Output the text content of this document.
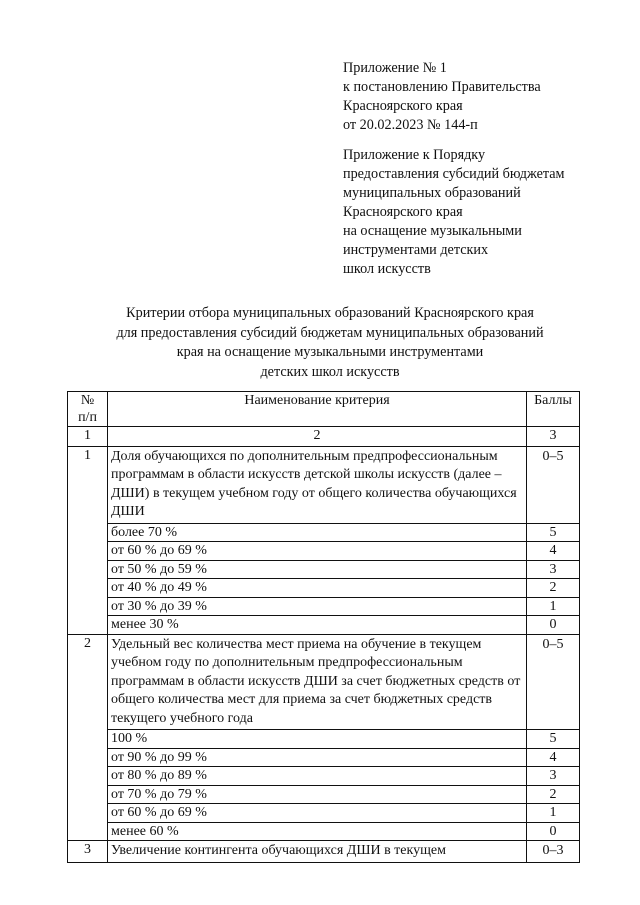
Приложение № 1
к постановлению Правительства
Красноярского края
от 20.02.2023 № 144-п
Приложение к Порядку
предоставления субсидий бюджетам
муниципальных образований
Красноярского края
на оснащение музыкальными
инструментами детских
школ искусств
Критерии отбора муниципальных образований Красноярского края
для предоставления субсидий бюджетам муниципальных образований
края на оснащение музыкальными инструментами
детских школ искусств
№
п/п	Наименование критерия	Баллы
1	2	3
1	Доля обучающихся по дополнительным предпрофессиональным программам в области искусств детской школы искусств (далее – ДШИ) в текущем учебном году от общего количества обучающихся ДШИ	0–5
	более 70 %	5
	от 60 % до 69 %	4
	от 50 % до 59 %	3
	от 40 % до 49 %	2
	от 30 % до 39 %	1
	менее 30 %	0
2	Удельный вес количества мест приема на обучение в текущем учебном году по дополнительным предпрофессиональным программам в области искусств ДШИ за счет бюджетных средств от общего количества мест для приема за счет бюджетных средств текущего учебного года	0–5
	100 %	5
	от 90 % до 99 %	4
	от 80 % до 89 %	3
	от 70 % до 79 %	2
	от 60 % до 69 %	1
	менее 60 %	0
3	Увеличение контингента обучающихся ДШИ в текущем	0–3
